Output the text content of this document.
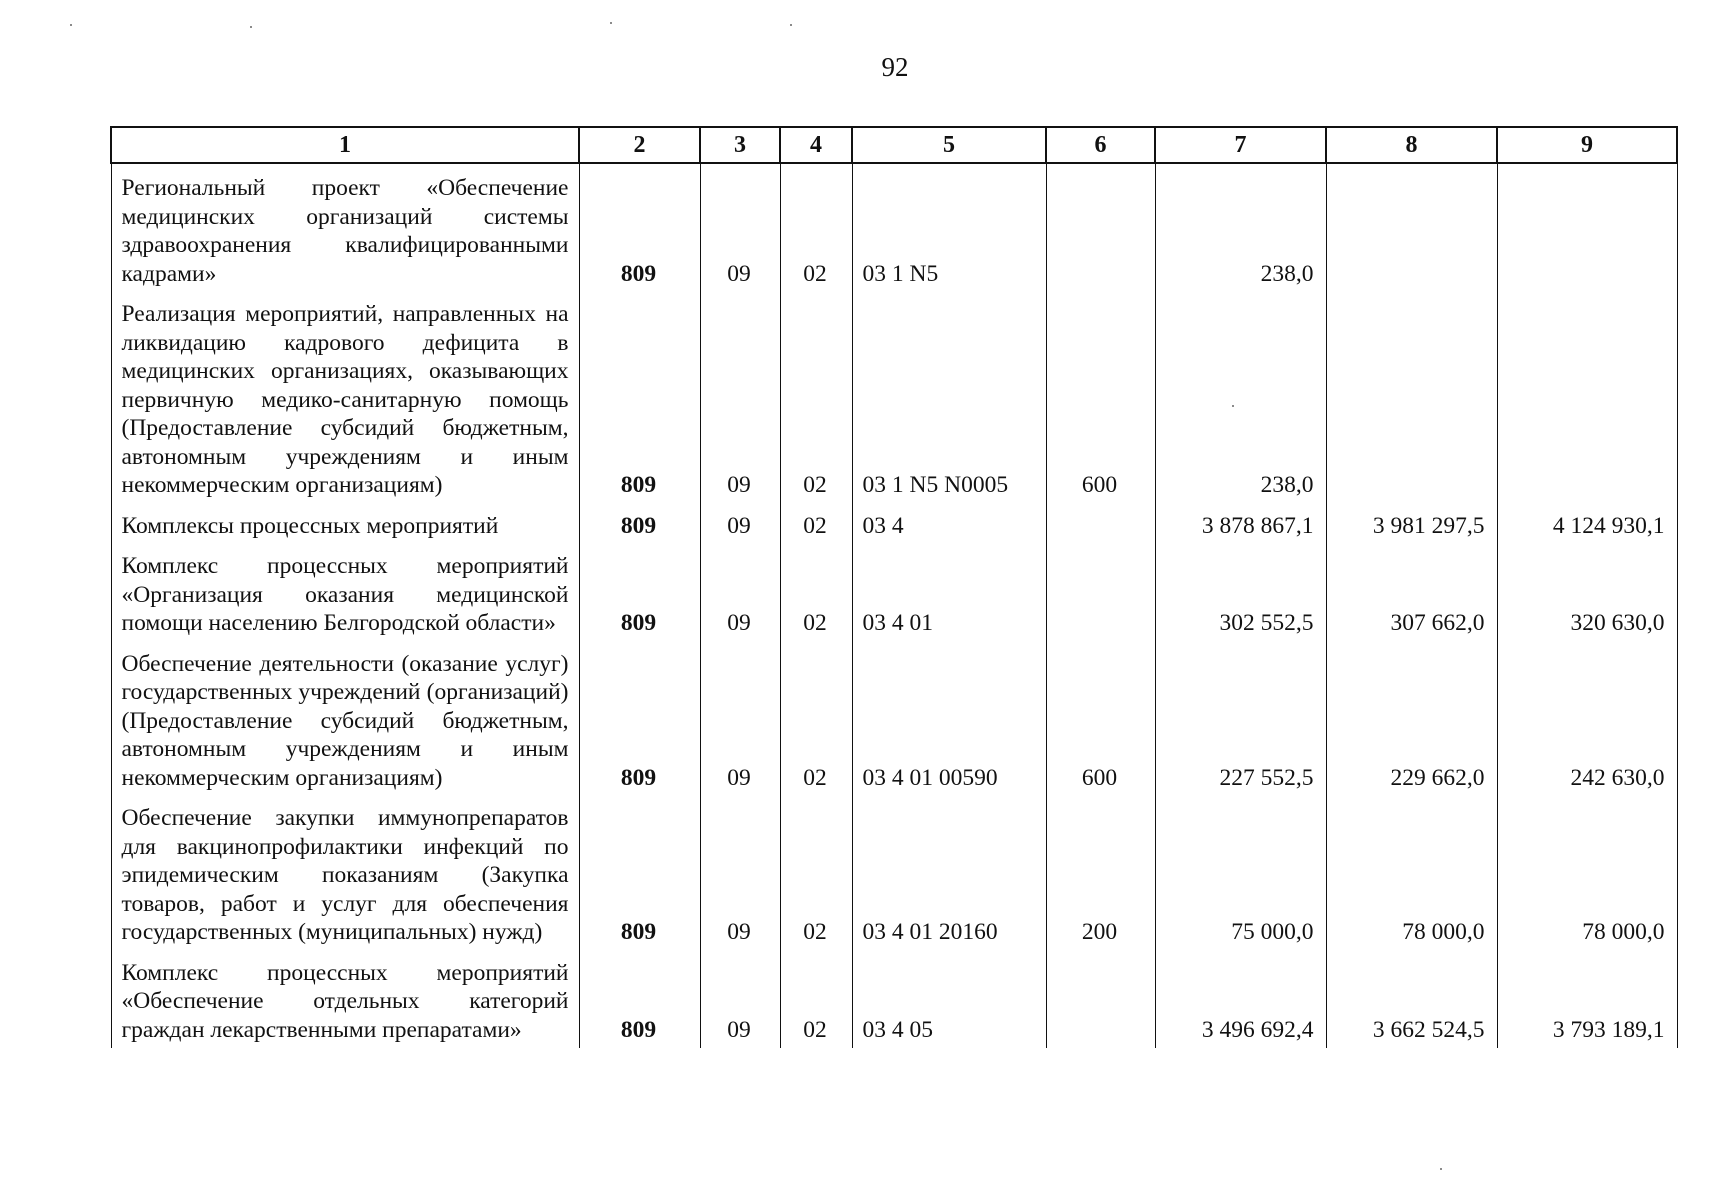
92
1	2	3	4	5	6	7	8	9
Региональный проект «Обеспечение медицинских организаций системы здравоохранения квалифицированными кадрами»	809	09	02	03 1 N5		238,0		
Реализация мероприятий, направленных на ликвидацию кадрового дефицита в медицинских организациях, оказывающих первичную медико-санитарную помощь (Предоставление субсидий бюджетным, автономным учреждениям и иным некоммерческим организациям)	809	09	02	03 1 N5 N0005	600	238,0		
Комплексы процессных мероприятий	809	09	02	03 4		3 878 867,1	3 981 297,5	4 124 930,1
Комплекс процессных мероприятий «Организация оказания медицинской помощи населению Белгородской области»	809	09	02	03 4 01		302 552,5	307 662,0	320 630,0
Обеспечение деятельности (оказание услуг) государственных учреждений (организаций) (Предоставление субсидий бюджетным, автономным учреждениям и иным некоммерческим организациям)	809	09	02	03 4 01 00590	600	227 552,5	229 662,0	242 630,0
Обеспечение закупки иммунопрепаратов для вакцинопрофилактики инфекций по эпидемическим показаниям (Закупка товаров, работ и услуг для обеспечения государственных (муниципальных) нужд)	809	09	02	03 4 01 20160	200	75 000,0	78 000,0	78 000,0
Комплекс процессных мероприятий «Обеспечение отдельных категорий граждан лекарственными препаратами»	809	09	02	03 4 05		3 496 692,4	3 662 524,5	3 793 189,1
